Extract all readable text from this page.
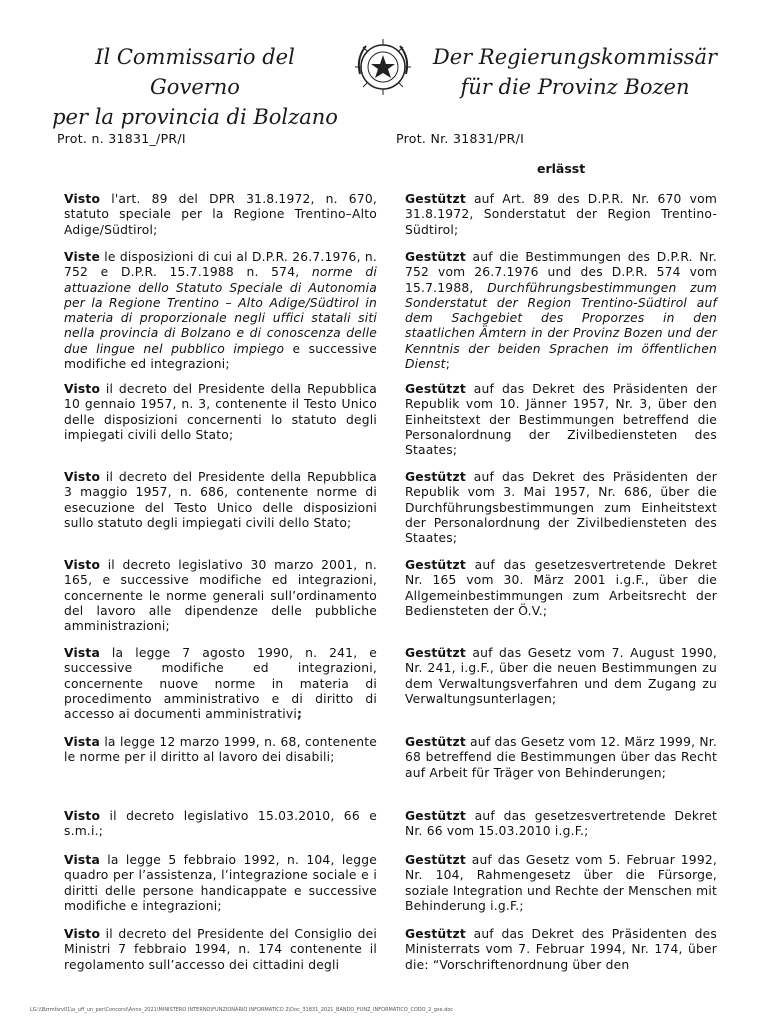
Il Commissario del Governo
per la provincia di Bolzano
Der Regierungskommissär
für die Provinz Bozen
Prot. n. 31831_/PR/I	Prot. Nr. 31831/PR/I
erlässt
Visto l'art. 89 del DPR 31.8.1972, n. 670, statuto speciale per la Regione Trentino–Alto Adige/Südtirol;
Gestützt auf Art. 89 des D.P.R. Nr. 670 vom 31.8.1972, Sonderstatut der Region Trentino-Südtirol;
Viste le disposizioni di cui al D.P.R. 26.7.1976, n. 752 e D.P.R. 15.7.1988 n. 574, norme di attuazione dello Statuto Speciale di Autonomia per la Regione Trentino – Alto Adige/Südtirol in materia di proporzionale negli uffici statali siti nella provincia di Bolzano e di conoscenza delle due lingue nel pubblico impiego e successive modifiche ed integrazioni;
Gestützt auf die Bestimmungen des D.P.R. Nr. 752 vom 26.7.1976 und des D.P.R. 574 vom 15.7.1988, Durchführungsbestimmungen zum Sonderstatut der Region Trentino-Südtirol auf dem Sachgebiet des Proporzes in den staatlichen Ämtern in der Provinz Bozen und der Kenntnis der beiden Sprachen im öffentlichen Dienst;
Visto il decreto del Presidente della Repubblica 10 gennaio 1957, n. 3, contenente il Testo Unico delle disposizioni concernenti lo statuto degli impiegati civili dello Stato;
Gestützt auf das Dekret des Präsidenten der Republik vom 10. Jänner 1957, Nr. 3, über den Einheitstext der Bestimmungen betreffend die Personalordnung der Zivilbediensteten des Staates;
Visto il decreto del Presidente della Repubblica 3 maggio 1957, n. 686, contenente norme di esecuzione del Testo Unico delle disposizioni sullo statuto degli impiegati civili dello Stato;
Gestützt auf das Dekret des Präsidenten der Republik vom 3. Mai 1957, Nr. 686, über die Durchführungsbestimmungen zum Einheitstext der Personalordnung der Zivilbediensteten des Staates;
Visto il decreto legislativo 30 marzo 2001, n. 165, e successive modifiche ed integrazioni, concernente le norme generali sull’ordinamento del lavoro alle dipendenze delle pubbliche amministrazioni;
Gestützt auf das gesetzesvertretende Dekret Nr. 165 vom 30. März 2001 i.g.F., über die Allgemeinbestimmungen zum Arbeitsrecht der Bediensteten der Ö.V.;
Vista la legge 7 agosto 1990, n. 241, e successive modifiche ed integrazioni, concernente nuove norme in materia di procedimento amministrativo e di diritto di accesso ai documenti amministrativi;
Gestützt auf das Gesetz vom 7. August 1990, Nr. 241, i.g.F., über die neuen Bestimmungen zu dem Verwaltungsverfahren und dem Zugang zu Verwaltungsunterlagen;
Vista la legge 12 marzo 1999, n. 68, contenente le norme per il diritto al lavoro dei disabili;
Gestützt auf das Gesetz vom 12. März 1999, Nr. 68 betreffend die Bestimmungen über das Recht auf Arbeit für Träger von Behinderungen;
Visto il decreto legislativo 15.03.2010, 66 e s.m.i.;
Gestützt auf das gesetzesvertretende Dekret Nr. 66 vom 15.03.2010 i.g.F.;
Vista la legge 5 febbraio 1992, n. 104, legge quadro per l’assistenza, l’integrazione sociale e i diritti delle persone handicappate e successive modifiche e integrazioni;
Gestützt auf das Gesetz vom 5. Februar 1992, Nr. 104, Rahmengesetz über die Fürsorge, soziale Integration und Rechte der Menschen mit Behinderung i.g.F.;
Visto il decreto del Presidente del Consiglio dei Ministri 7 febbraio 1994, n. 174 contenente il regolamento sull’accesso dei cittadini degli
Gestützt auf das Dekret des Präsidenten des Ministerrats vom 7. Februar 1994, Nr. 174, über die: “Vorschriftenordnung über den
LG:\\Bzrmfsrv01\a_uff_un_per\Concorsi\Anno_2021\MINISTERO INTERNO\FUNZIONARIO INFORMATICO 2\Doc_31831_2021_BANDO_FUNZ_INFORMATICO_CODO_2_gse.doc
